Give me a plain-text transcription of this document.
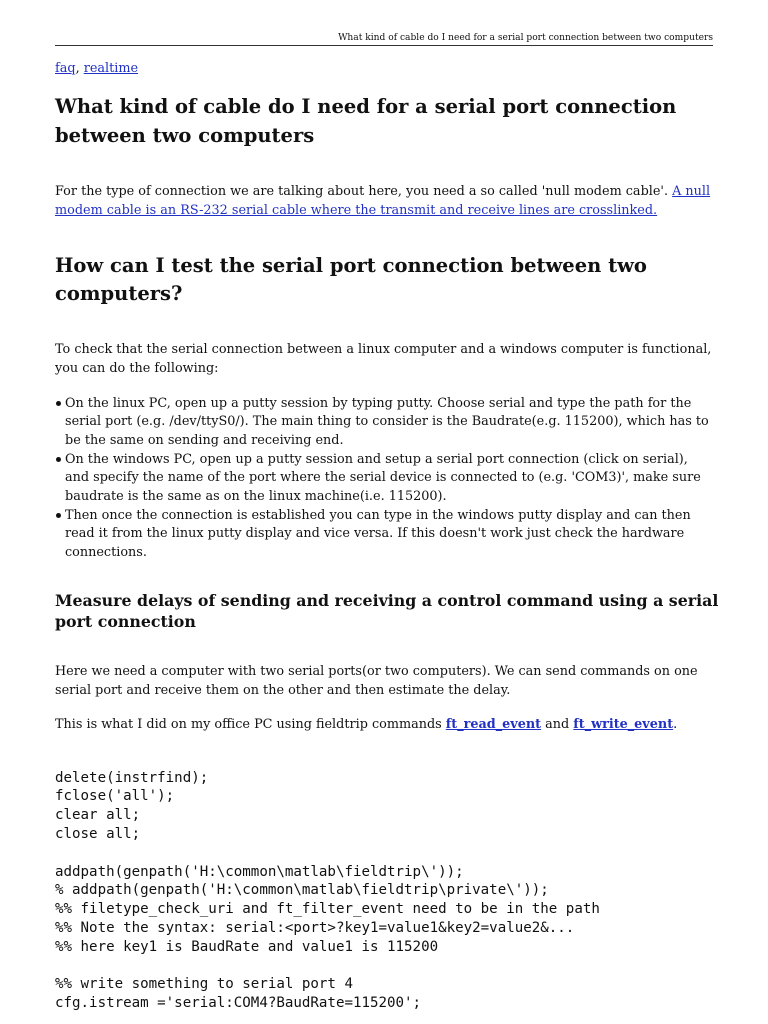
What kind of cable do I need for a serial port connection between two computers
faq, realtime
What kind of cable do I need for a serial port connection
between two computers
For the type of connection we are talking about here, you need a so called 'null modem cable'. A null
modem cable is an RS-232 serial cable where the transmit and receive lines are crosslinked.
How can I test the serial port connection between two
computers?
To check that the serial connection between a linux computer and a windows computer is functional,
you can do the following:
On the linux PC, open up a putty session by typing putty. Choose serial and type the path for the
serial port (e.g. /dev/ttyS0/). The main thing to consider is the Baudrate(e.g. 115200), which has to
be the same on sending and receiving end.
On the windows PC, open up a putty session and setup a serial port connection (click on serial),
and specify the name of the port where the serial device is connected to (e.g. 'COM3)', make sure
baudrate is the same as on the linux machine(i.e. 115200).
Then once the connection is established you can type in the windows putty display and can then
read it from the linux putty display and vice versa. If this doesn't work just check the hardware
connections.
Measure delays of sending and receiving a control command using a serial
port connection
Here we need a computer with two serial ports(or two computers). We can send commands on one
serial port and receive them on the other and then estimate the delay.
This is what I did on my office PC using fieldtrip commands ft_read_event and ft_write_event.
delete(instrfind);
fclose('all');
clear all;
close all;

addpath(genpath('H:\common\matlab\fieldtrip\'));
% addpath(genpath('H:\common\matlab\fieldtrip\private\'));
%% filetype_check_uri and ft_filter_event need to be in the path
%% Note the syntax: serial:<port>?key1=value1&key2=value2&...
%% here key1 is BaudRate and value1 is 115200

%% write something to serial port 4
cfg.istream ='serial:COM4?BaudRate=115200';
